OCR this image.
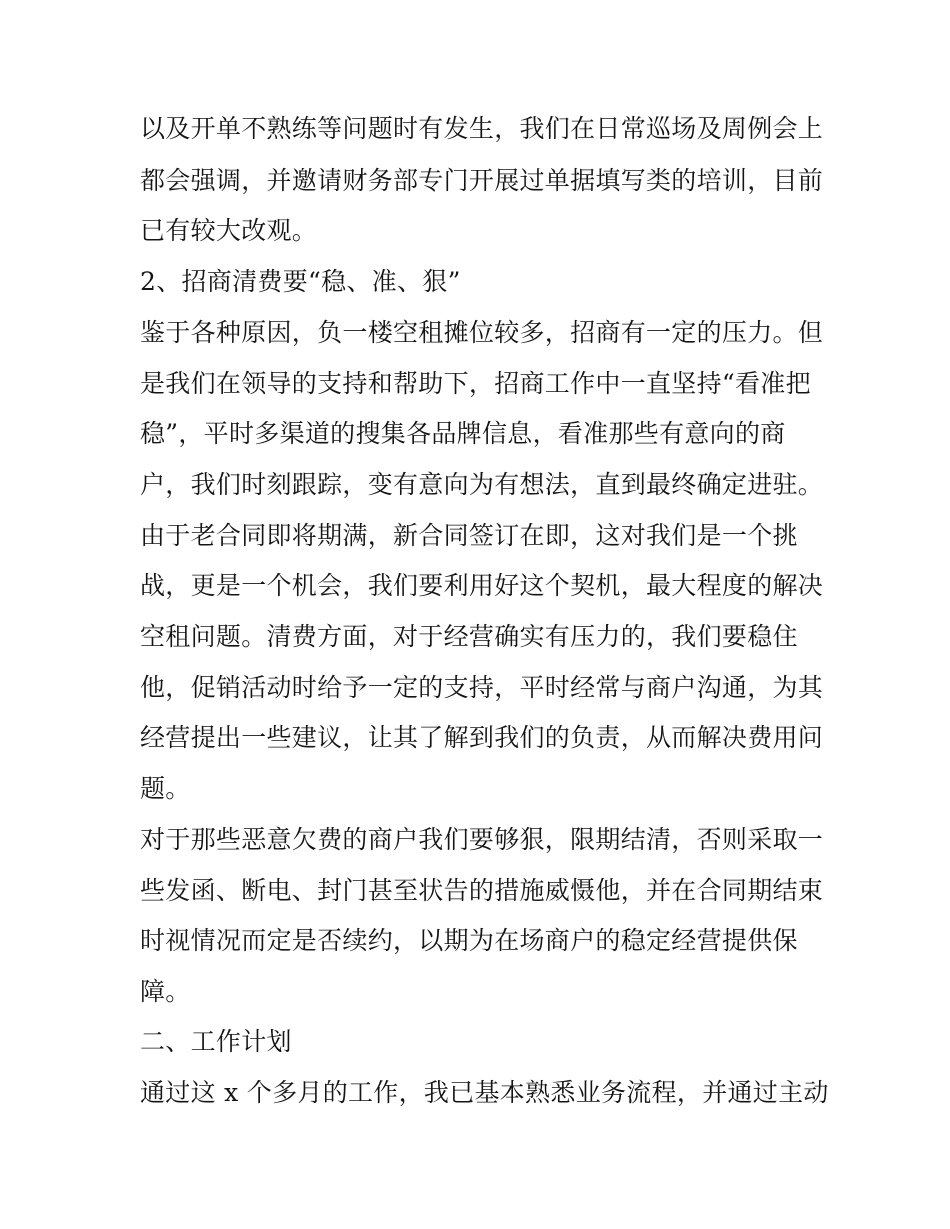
以及开单不熟练等问题时有发生，我们在日常巡场及周例会上
都会强调，并邀请财务部专门开展过单据填写类的培训，目前
已有较大改观。
2、招商清费要“稳、准、狠”
鉴于各种原因，负一楼空租摊位较多，招商有一定的压力。但
是我们在领导的支持和帮助下，招商工作中一直坚持“看准把
稳”，平时多渠道的搜集各品牌信息，看准那些有意向的商
户，我们时刻跟踪，变有意向为有想法，直到最终确定进驻。
由于老合同即将期满，新合同签订在即，这对我们是一个挑
战，更是一个机会，我们要利用好这个契机，最大程度的解决
空租问题。清费方面，对于经营确实有压力的，我们要稳住
他，促销活动时给予一定的支持，平时经常与商户沟通，为其
经营提出一些建议，让其了解到我们的负责，从而解决费用问
题。
对于那些恶意欠费的商户我们要够狠，限期结清，否则采取一
些发函、断电、封门甚至状告的措施威慑他，并在合同期结束
时视情况而定是否续约，以期为在场商户的稳定经营提供保
障。
二、工作计划
通过这 x 个多月的工作，我已基本熟悉业务流程，并通过主动
